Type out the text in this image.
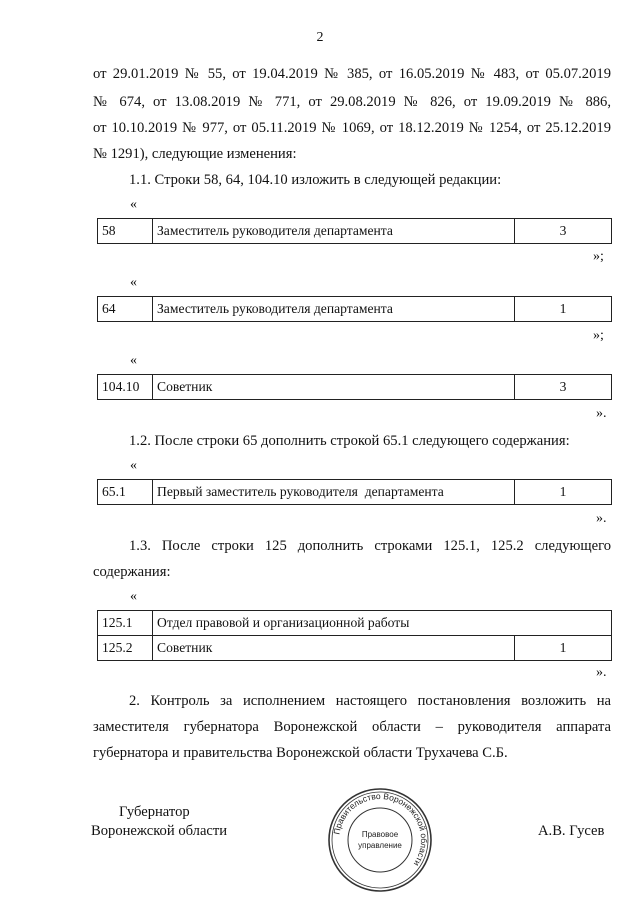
2
от 29.01.2019 № 55, от 19.04.2019 № 385, от 16.05.2019 № 483, от 05.07.2019
№ 674, от 13.08.2019 № 771, от 29.08.2019 № 826, от 19.09.2019 № 886,
от 10.10.2019 № 977, от 05.11.2019 № 1069, от 18.12.2019 № 1254, от 25.12.2019
№ 1291), следующие изменения:
1.1. Строки 58, 64, 104.10 изложить в следующей редакции:
«
58	Заместитель руководителя департамента	3
»;
«
64	Заместитель руководителя департамента	1
»;
«
104.10	Советник	3
».
1.2. После строки 65 дополнить строкой 65.1 следующего содержания:
«
65.1	Первый заместитель руководителя  департамента	1
».
1.3. После строки 125 дополнить строками 125.1, 125.2 следующего
содержания:
«
125.1	Отдел правовой и организационной работы	
125.2	Советник	1
».
2. Контроль за исполнением настоящего постановления возложить на
заместителя губернатора Воронежской области – руководителя аппарата
губернатора и правительства Воронежской области Трухачева С.Б.
Губернатор
Воронежской области	А.В. Гусев
Правительство Воронежской области
Правовое
управление
